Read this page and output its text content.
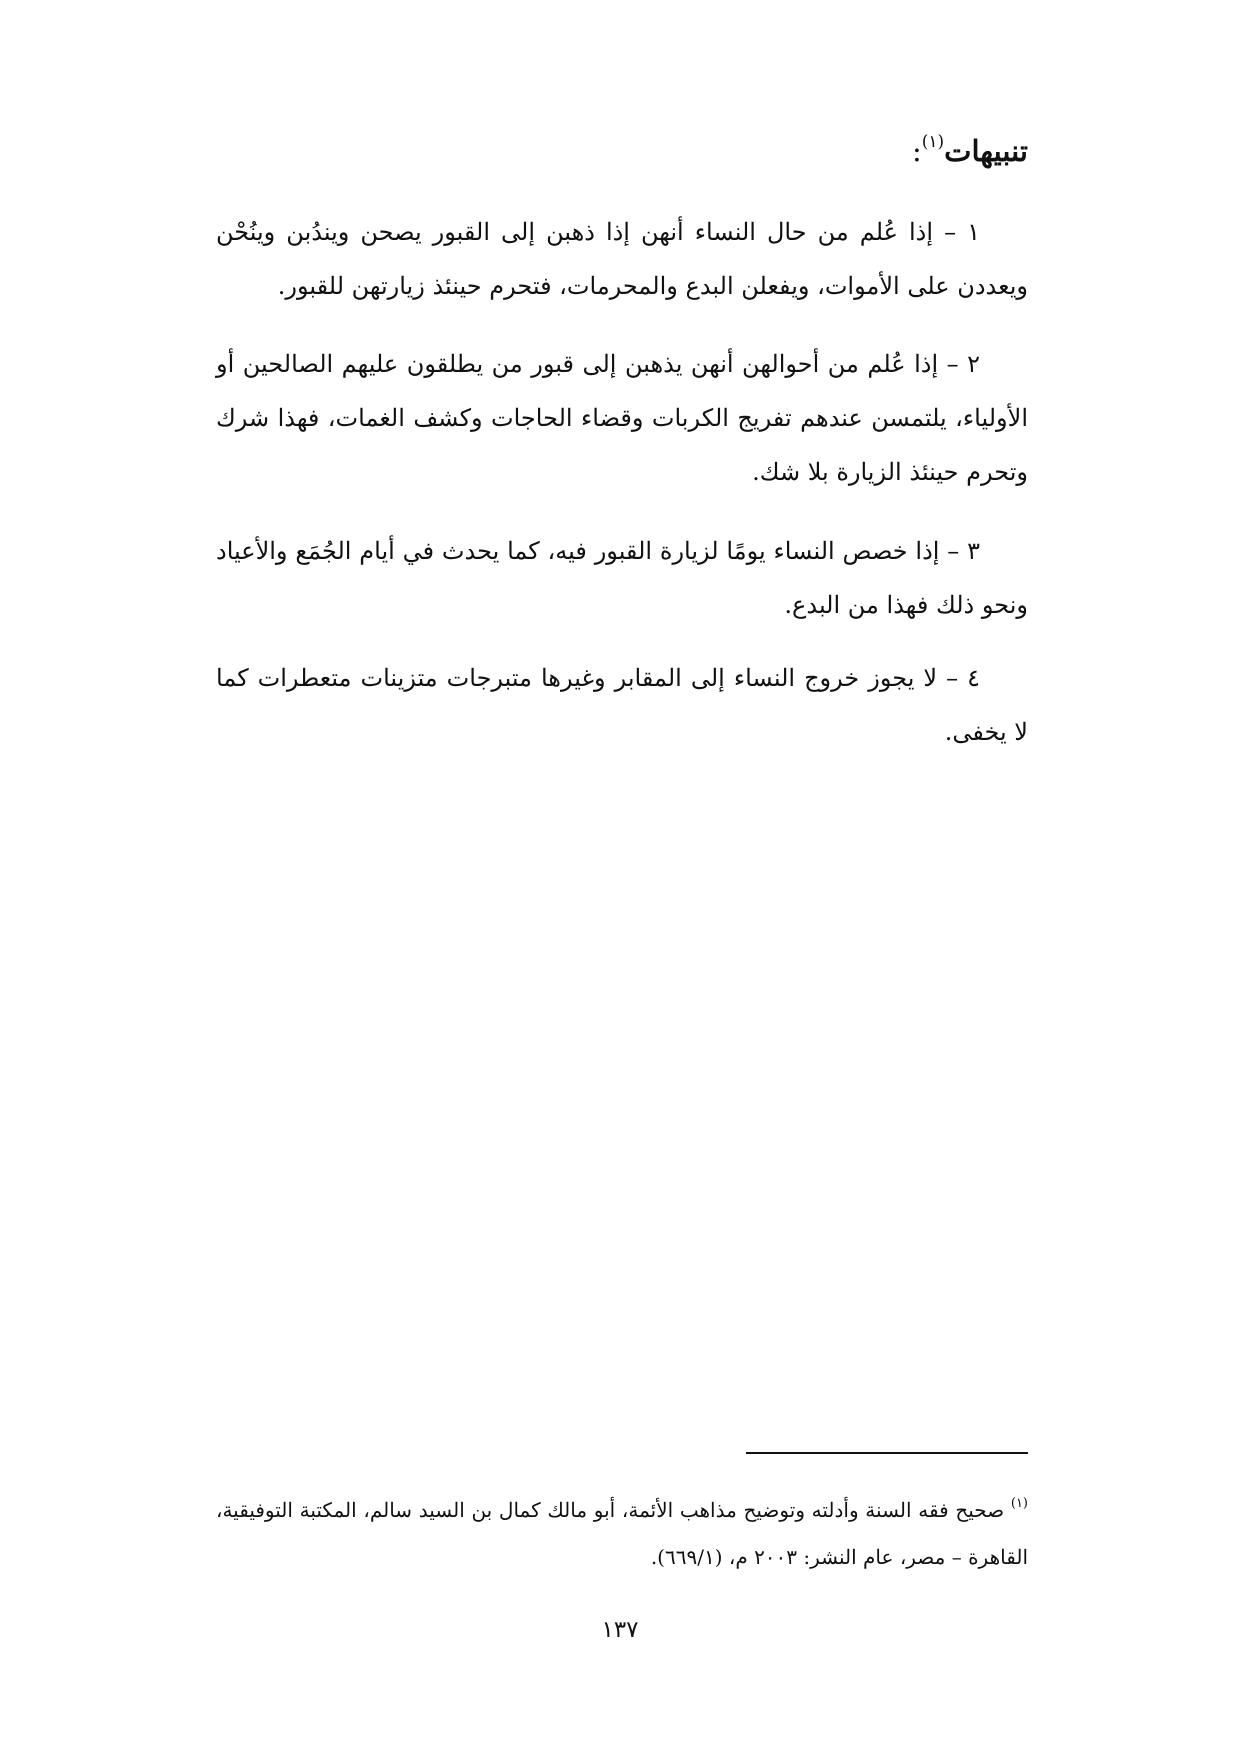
تنبيهات$^{(١)}$:

١ – إذا عُلم من حال النساء أنهن إذا ذهبن إلى القبور يصحن ويندُبن وينُحْن ويعددن على الأموات، ويفعلن البدع والمحرمات، فتحرم حينئذ زيارتهن للقبور.

٢ – إذا عُلم من أحوالهن أنهن يذهبن إلى قبور من يطلقون عليهم الصالحين أو الأولياء، يلتمسن عندهم تفريج الكربات وقضاء الحاجات وكشف الغمات، فهذا شرك وتحرم حينئذ الزيارة بلا شك.

٣ – إذا خصص النساء يومًا لزيارة القبور فيه، كما يحدث في أيام الجُمَع والأعياد ونحو ذلك فهذا من البدع.

٤ – لا يجوز خروج النساء إلى المقابر وغيرها متبرجات متزينات متعطرات كما لا يخفى.

$^{(١)}$ صحيح فقه السنة وأدلته وتوضيح مذاهب الأئمة، أبو مالك كمال بن السيد سالم، المكتبة التوفيقية، القاهرة – مصر، عام النشر: ٢٠٠٣ م، (٦٦٩/١).

١٣٧
